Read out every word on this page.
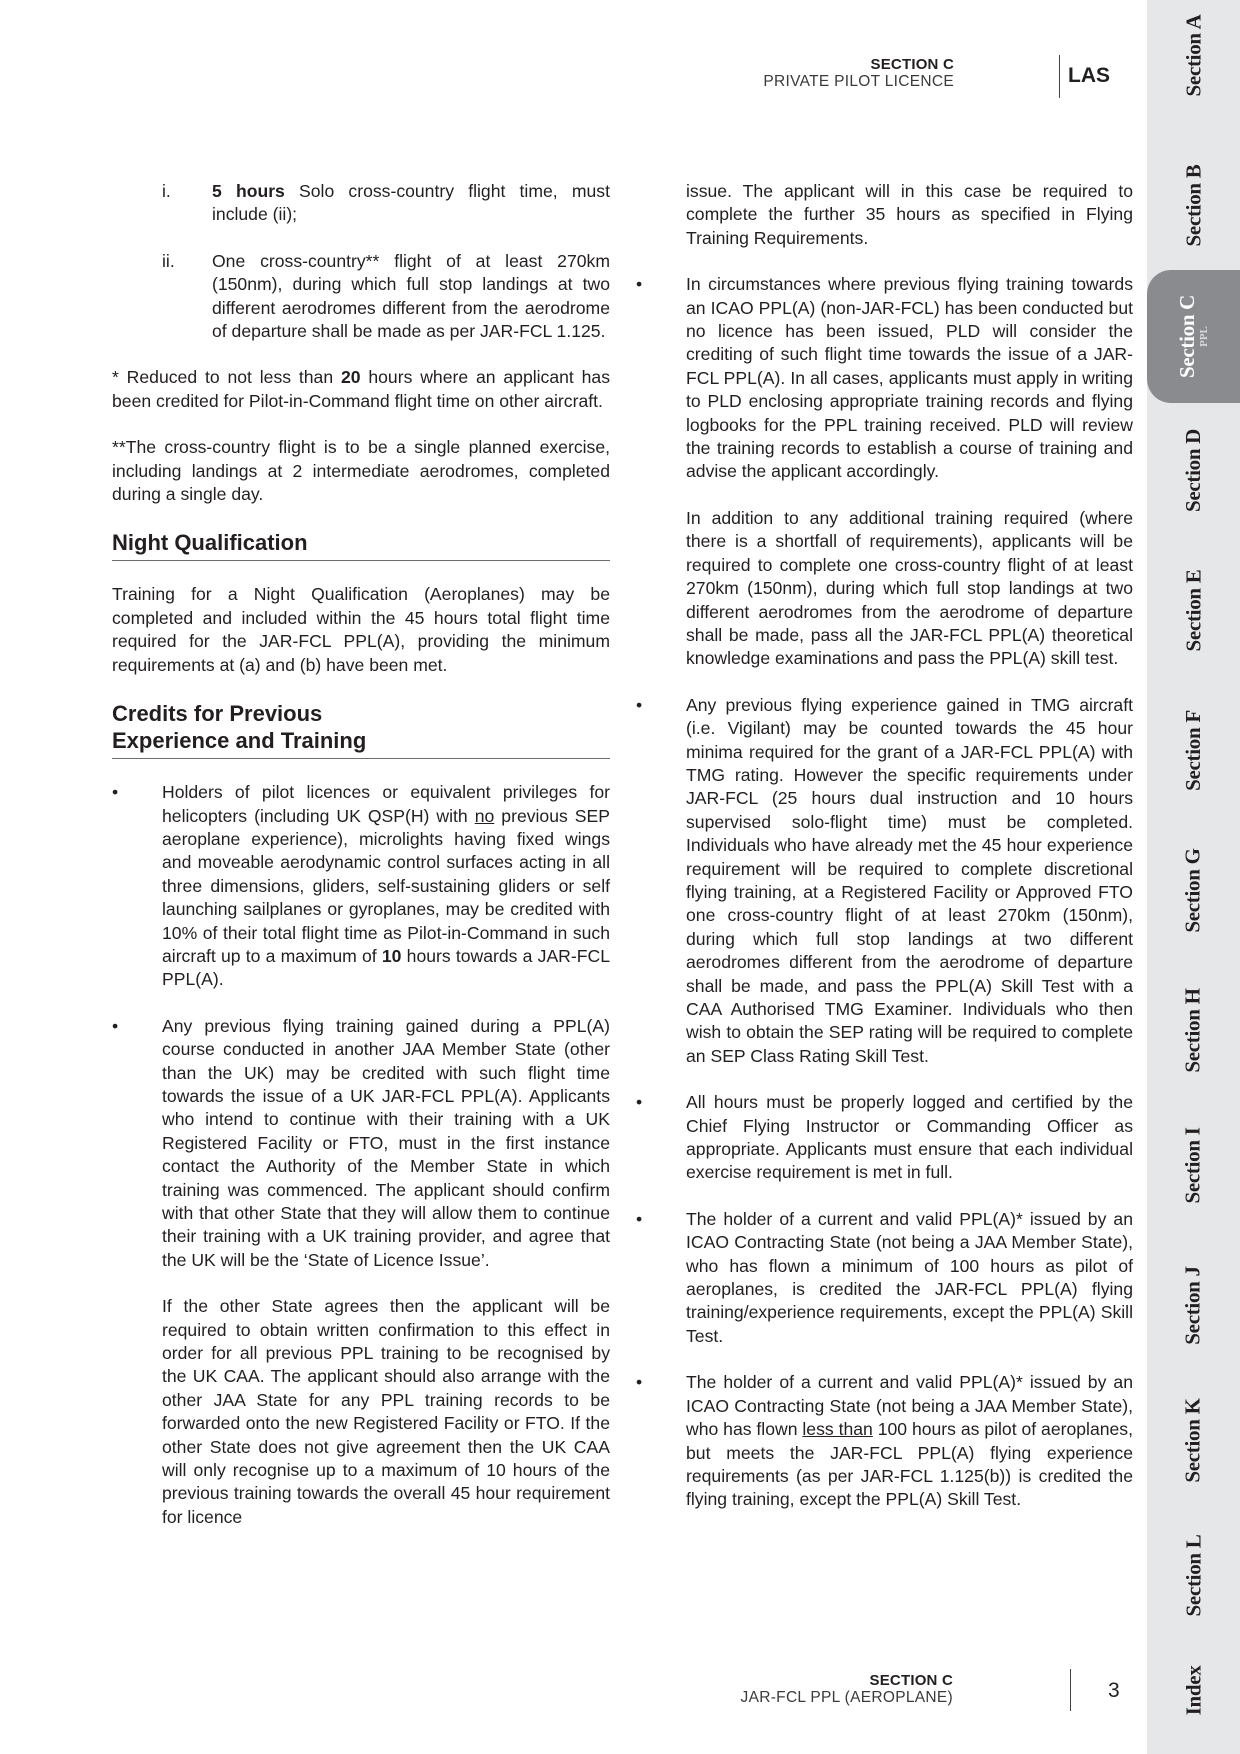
SECTION C
PRIVATE PILOT LICENCE	LAS
i.	5 hours Solo cross-country flight time, must include (ii);
ii.	One cross-country** flight of at least 270km (150nm), during which full stop landings at two different aerodromes different from the aerodrome of departure shall be made as per JAR-FCL 1.125.

* Reduced to not less than 20 hours where an applicant has been credited for Pilot-in-Command flight time on other aircraft.

**The cross-country flight is to be a single planned exercise, including landings at 2 intermediate aerodromes, completed during a single day.

Night Qualification

Training for a Night Qualification (Aeroplanes) may be completed and included within the 45 hours total flight time required for the JAR-FCL PPL(A), providing the minimum requirements at (a) and (b) have been met.

Credits for Previous
Experience and Training
•	Holders of pilot licences or equivalent privileges for helicopters (including UK QSP(H) with no previous SEP aeroplane experience), microlights having fixed wings and moveable aerodynamic control surfaces acting in all three dimensions, gliders, self-sustaining gliders or self launching sailplanes or gyroplanes, may be credited with 10% of their total flight time as Pilot-in-Command in such aircraft up to a maximum of 10 hours towards a JAR-FCL PPL(A).
•	Any previous flying training gained during a PPL(A) course conducted in another JAA Member State (other than the UK) may be credited with such flight time towards the issue of a UK JAR-FCL PPL(A). Applicants who intend to continue with their training with a UK Registered Facility or FTO, must in the first instance contact the Authority of the Member State in which training was commenced. The applicant should confirm with that other State that they will allow them to continue their training with a UK training provider, and agree that the UK will be the ‘State of Licence Issue’.

If the other State agrees then the applicant will be required to obtain written confirmation to this effect in order for all previous PPL training to be recognised by the UK CAA. The applicant should also arrange with the other JAA State for any PPL training records to be forwarded onto the new Registered Facility or FTO. If the other State does not give agreement then the UK CAA will only recognise up to a maximum of 10 hours of the previous training towards the overall 45 hour requirement for licence

issue. The applicant will in this case be required to complete the further 35 hours as specified in Flying Training Requirements.

•	In circumstances where previous flying training towards an ICAO PPL(A) (non-JAR-FCL) has been conducted but no licence has been issued, PLD will consider the crediting of such flight time towards the issue of a JAR-FCL PPL(A). In all cases, applicants must apply in writing to PLD enclosing appropriate training records and flying logbooks for the PPL training received. PLD will review the training records to establish a course of training and advise the applicant accordingly.

In addition to any additional training required (where there is a shortfall of requirements), applicants will be required to complete one cross-country flight of at least 270km (150nm), during which full stop landings at two different aerodromes from the aerodrome of departure shall be made, pass all the JAR-FCL PPL(A) theoretical knowledge examinations and pass the PPL(A) skill test.

•	Any previous flying experience gained in TMG aircraft (i.e. Vigilant) may be counted towards the 45 hour minima required for the grant of a JAR-FCL PPL(A) with TMG rating. However the specific requirements under JAR-FCL (25 hours dual instruction and 10 hours supervised solo-flight time) must be completed. Individuals who have already met the 45 hour experience requirement will be required to complete discretional flying training, at a Registered Facility or Approved FTO one cross-country flight of at least 270km (150nm), during which full stop landings at two different aerodromes different from the aerodrome of departure shall be made, and pass the PPL(A) Skill Test with a CAA Authorised TMG Examiner. Individuals who then wish to obtain the SEP rating will be required to complete an SEP Class Rating Skill Test.
•	All hours must be properly logged and certified by the Chief Flying Instructor or Commanding Officer as appropriate. Applicants must ensure that each individual exercise requirement is met in full.
•	The holder of a current and valid PPL(A)* issued by an ICAO Contracting State (not being a JAA Member State), who has flown a minimum of 100 hours as pilot of aeroplanes, is credited the JAR-FCL PPL(A) flying training/experience requirements, except the PPL(A) Skill Test.
•	The holder of a current and valid PPL(A)* issued by an ICAO Contracting State (not being a JAA Member State), who has flown less than 100 hours as pilot of aeroplanes, but meets the JAR-FCL PPL(A) flying experience requirements (as per JAR-FCL 1.125(b)) is credited the flying training, except the PPL(A) Skill Test.
SECTION C
JAR-FCL PPL (AEROPLANE)	3
Section A
Section B
Section C PPL
Section D
Section E
Section F
Section G
Section H
Section I
Section J
Section K
Section L
Index
